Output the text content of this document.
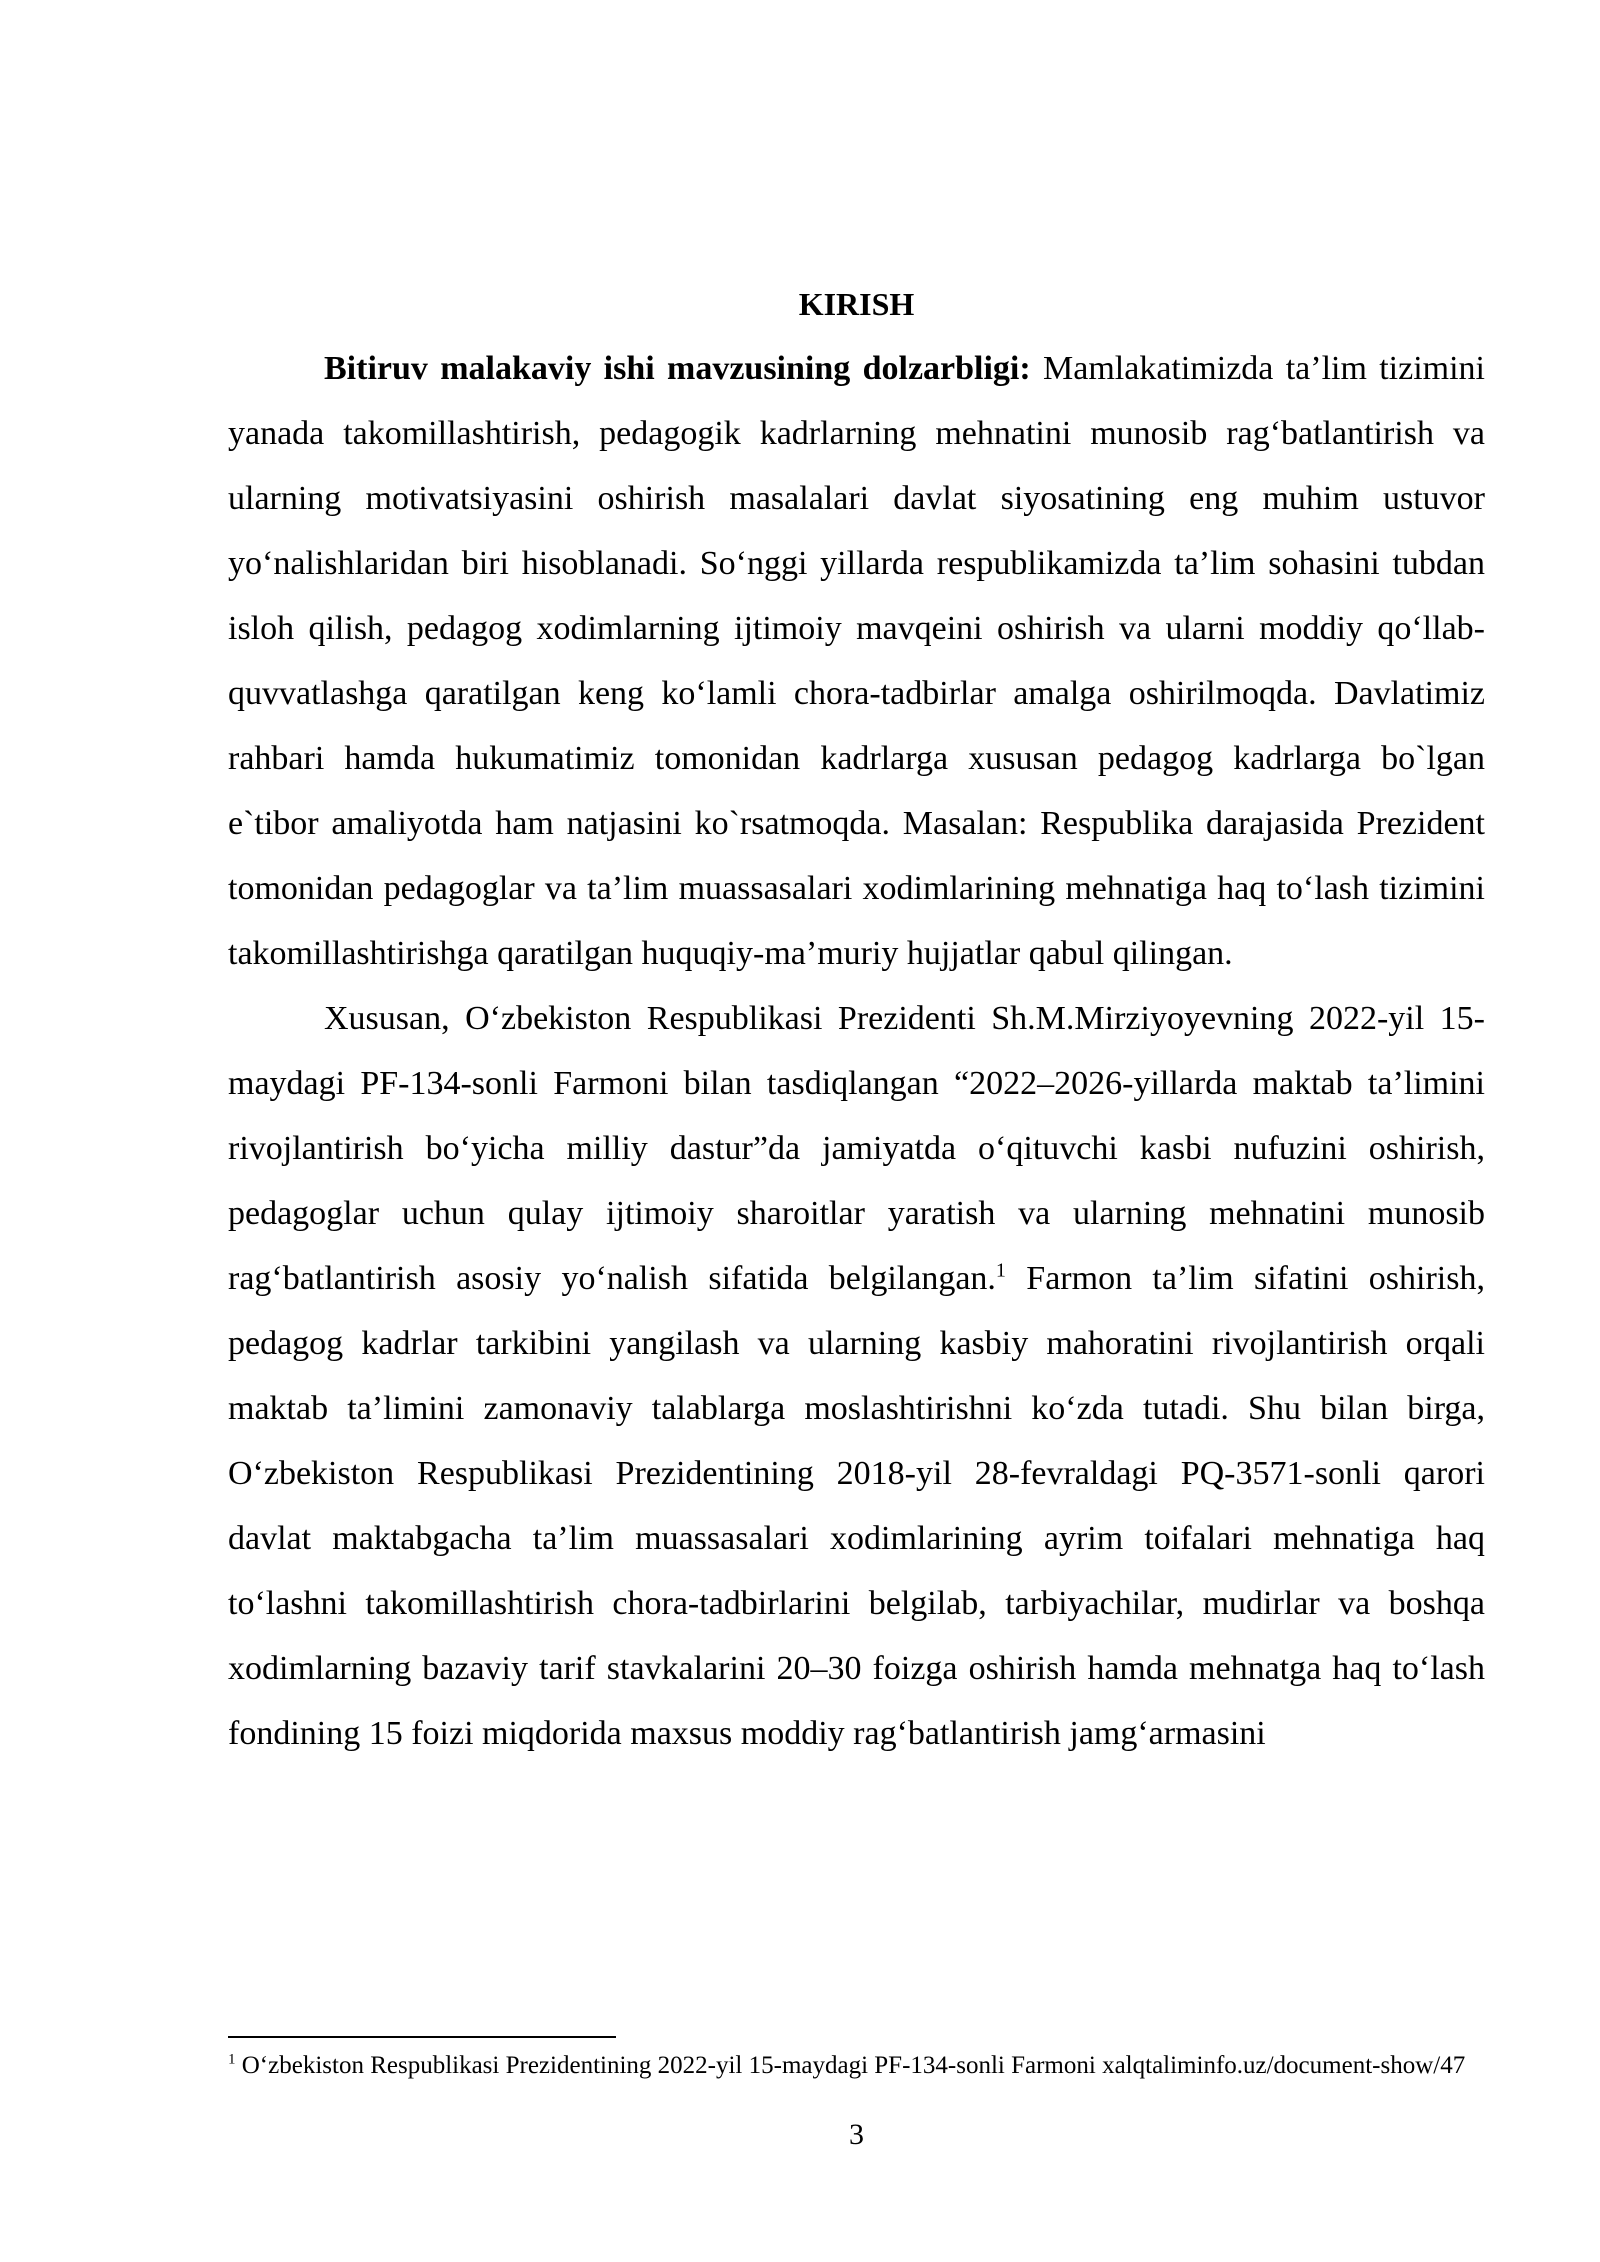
KIRISH

Bitiruv malakaviy ishi mavzusining dolzarbligi: Mamlakatimizda ta’lim tizimini yanada takomillashtirish, pedagogik kadrlarning mehnatini munosib rag‘batlantirish va ularning motivatsiyasini oshirish masalalari davlat siyosatining eng muhim ustuvor yo‘nalishlaridan biri hisoblanadi. So‘nggi yillarda respublikamizda ta’lim sohasini tubdan isloh qilish, pedagog xodimlarning ijtimoiy mavqeini oshirish va ularni moddiy qo‘llab-quvvatlashga qaratilgan keng ko‘lamli chora-tadbirlar amalga oshirilmoqda. Davlatimiz rahbari hamda hukumatimiz tomonidan kadrlarga xususan pedagog kadrlarga bo`lgan e`tibor amaliyotda ham natjasini ko`rsatmoqda. Masalan: Respublika darajasida Prezident tomonidan pedagoglar va ta’lim muassasalari xodimlarining mehnatiga haq to‘lash tizimini takomillashtirishga qaratilgan huquqiy-ma’muriy hujjatlar qabul qilingan.

Xususan, O‘zbekiston Respublikasi Prezidenti Sh.M.Mirziyoyevning 2022-yil 15-maydagi PF-134-sonli Farmoni bilan tasdiqlangan “2022–2026-yillarda maktab ta’limini rivojlantirish bo‘yicha milliy dastur”da jamiyatda o‘qituvchi kasbi nufuzini oshirish, pedagoglar uchun qulay ijtimoiy sharoitlar yaratish va ularning mehnatini munosib rag‘batlantirish asosiy yo‘nalish sifatida belgilangan.$^1$ Farmon ta’lim sifatini oshirish, pedagog kadrlar tarkibini yangilash va ularning kasbiy mahoratini rivojlantirish orqali maktab ta’limini zamonaviy talablarga moslashtirishni ko‘zda tutadi. Shu bilan birga, O‘zbekiston Respublikasi Prezidentining 2018-yil 28-fevraldagi PQ-3571-sonli qarori davlat maktabgacha ta’lim muassasalari xodimlarining ayrim toifalari mehnatiga haq to‘lashni takomillashtirish chora-tadbirlarini belgilab, tarbiyachilar, mudirlar va boshqa xodimlarning bazaviy tarif stavkalarini 20–30 foizga oshirish hamda mehnatga haq to‘lash fondining 15 foizi miqdorida maxsus moddiy rag‘batlantirish jamg‘armasini

$^1$ O‘zbekiston Respublikasi Prezidentining 2022-yil 15-maydagi PF-134-sonli Farmoni xalqtaliminfo.uz/document-show/47

3
